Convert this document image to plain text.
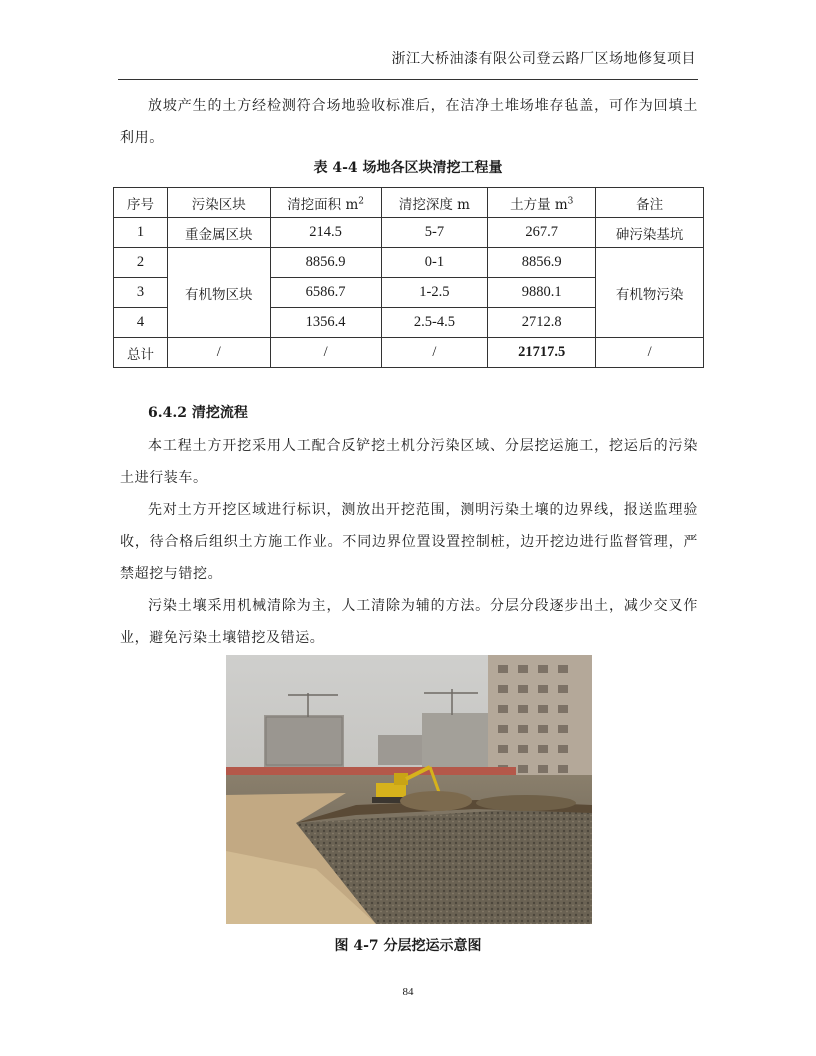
浙江大桥油漆有限公司登云路厂区场地修复项目
放坡产生的土方经检测符合场地验收标准后，在洁净土堆场堆存毡盖，可作为回填土利用。
表 4-4 场地各区块清挖工程量
序号	污染区块	清挖面积 $m^2$	清挖深度 m	土方量 $m^3$	备注
1	重金属区块	214.5	5-7	267.7	砷污染基坑
2	有机物区块	8856.9	0-1	8856.9	有机物污染
3		6586.7	1-2.5	9880.1	
4		1356.4	2.5-4.5	2712.8	
总计	/	/	/	21717.5	/
6.4.2 清挖流程
本工程土方开挖采用人工配合反铲挖土机分污染区域、分层挖运施工，挖运后的污染土进行装车。
先对土方开挖区域进行标识，测放出开挖范围，测明污染土壤的边界线，报送监理验收，待合格后组织土方施工作业。不同边界位置设置控制桩，边开挖边进行监督管理，严禁超挖与错挖。
污染土壤采用机械清除为主，人工清除为辅的方法。分层分段逐步出土，减少交叉作业，避免污染土壤错挖及错运。
图 4-7 分层挖运示意图
84
